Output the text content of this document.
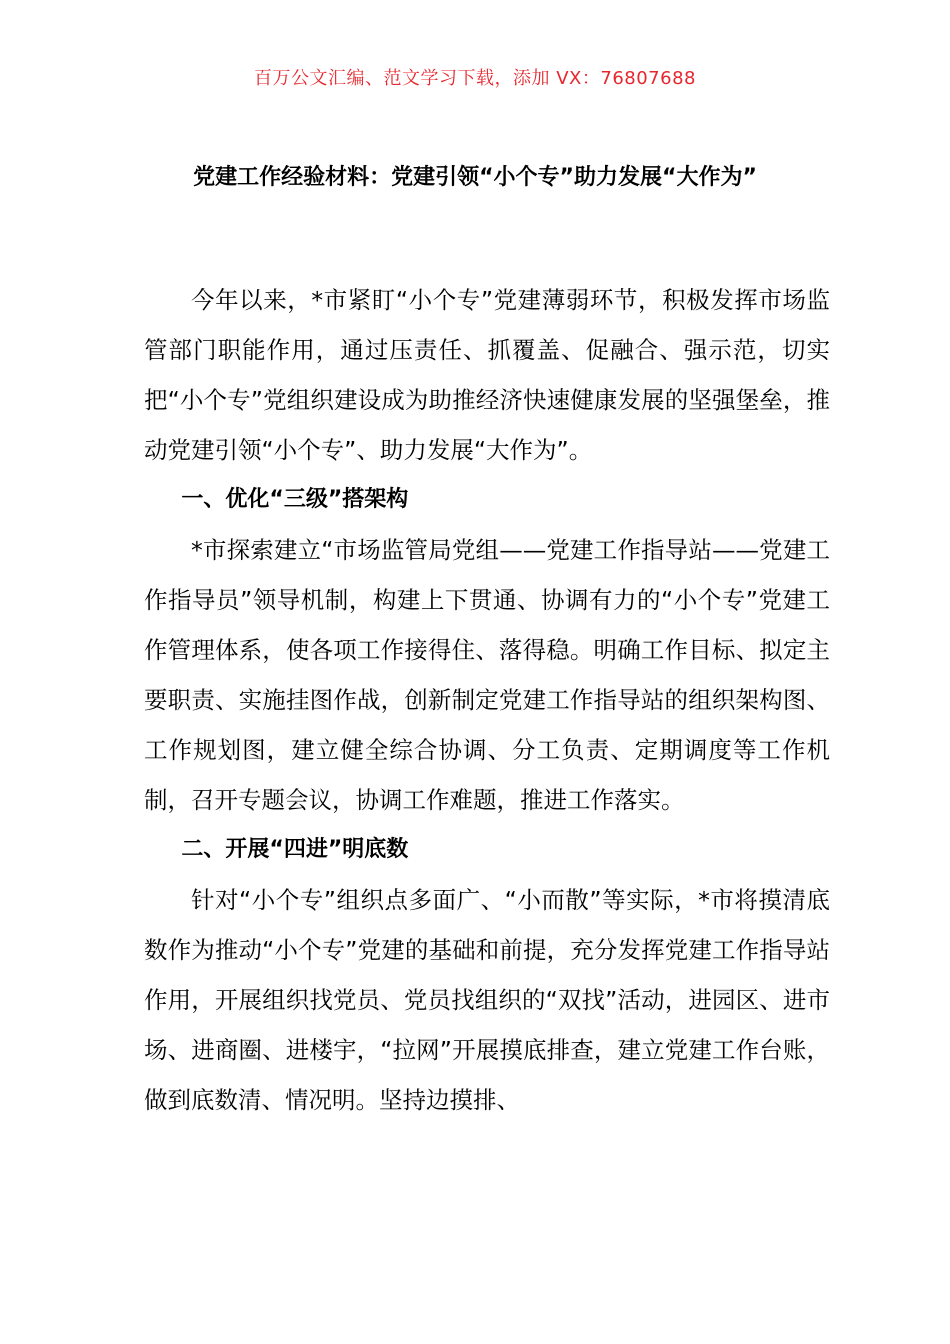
百万公文汇编、范文学习下载，添加 VX：76807688
党建工作经验材料：党建引领“小个专”助力发展“大作为”

今年以来，*市紧盯“小个专”党建薄弱环节，积极发挥市场监管部门职能作用，通过压责任、抓覆盖、促融合、强示范，切实把“小个专”党组织建设成为助推经济快速健康发展的坚强堡垒，推动党建引领“小个专”、助力发展“大作为”。

一、优化“三级”搭架构

*市探索建立“市场监管局党组——党建工作指导站——党建工作指导员”领导机制，构建上下贯通、协调有力的“小个专”党建工作管理体系，使各项工作接得住、落得稳。明确工作目标、拟定主要职责、实施挂图作战，创新制定党建工作指导站的组织架构图、工作规划图，建立健全综合协调、分工负责、定期调度等工作机制，召开专题会议，协调工作难题，推进工作落实。

二、开展“四进”明底数

针对“小个专”组织点多面广、“小而散”等实际，*市将摸清底数作为推动“小个专”党建的基础和前提，充分发挥党建工作指导站作用，开展组织找党员、党员找组织的“双找”活动，进园区、进市场、进商圈、进楼宇，“拉网”开展摸底排查，建立党建工作台账，做到底数清、情况明。坚持边摸排、
